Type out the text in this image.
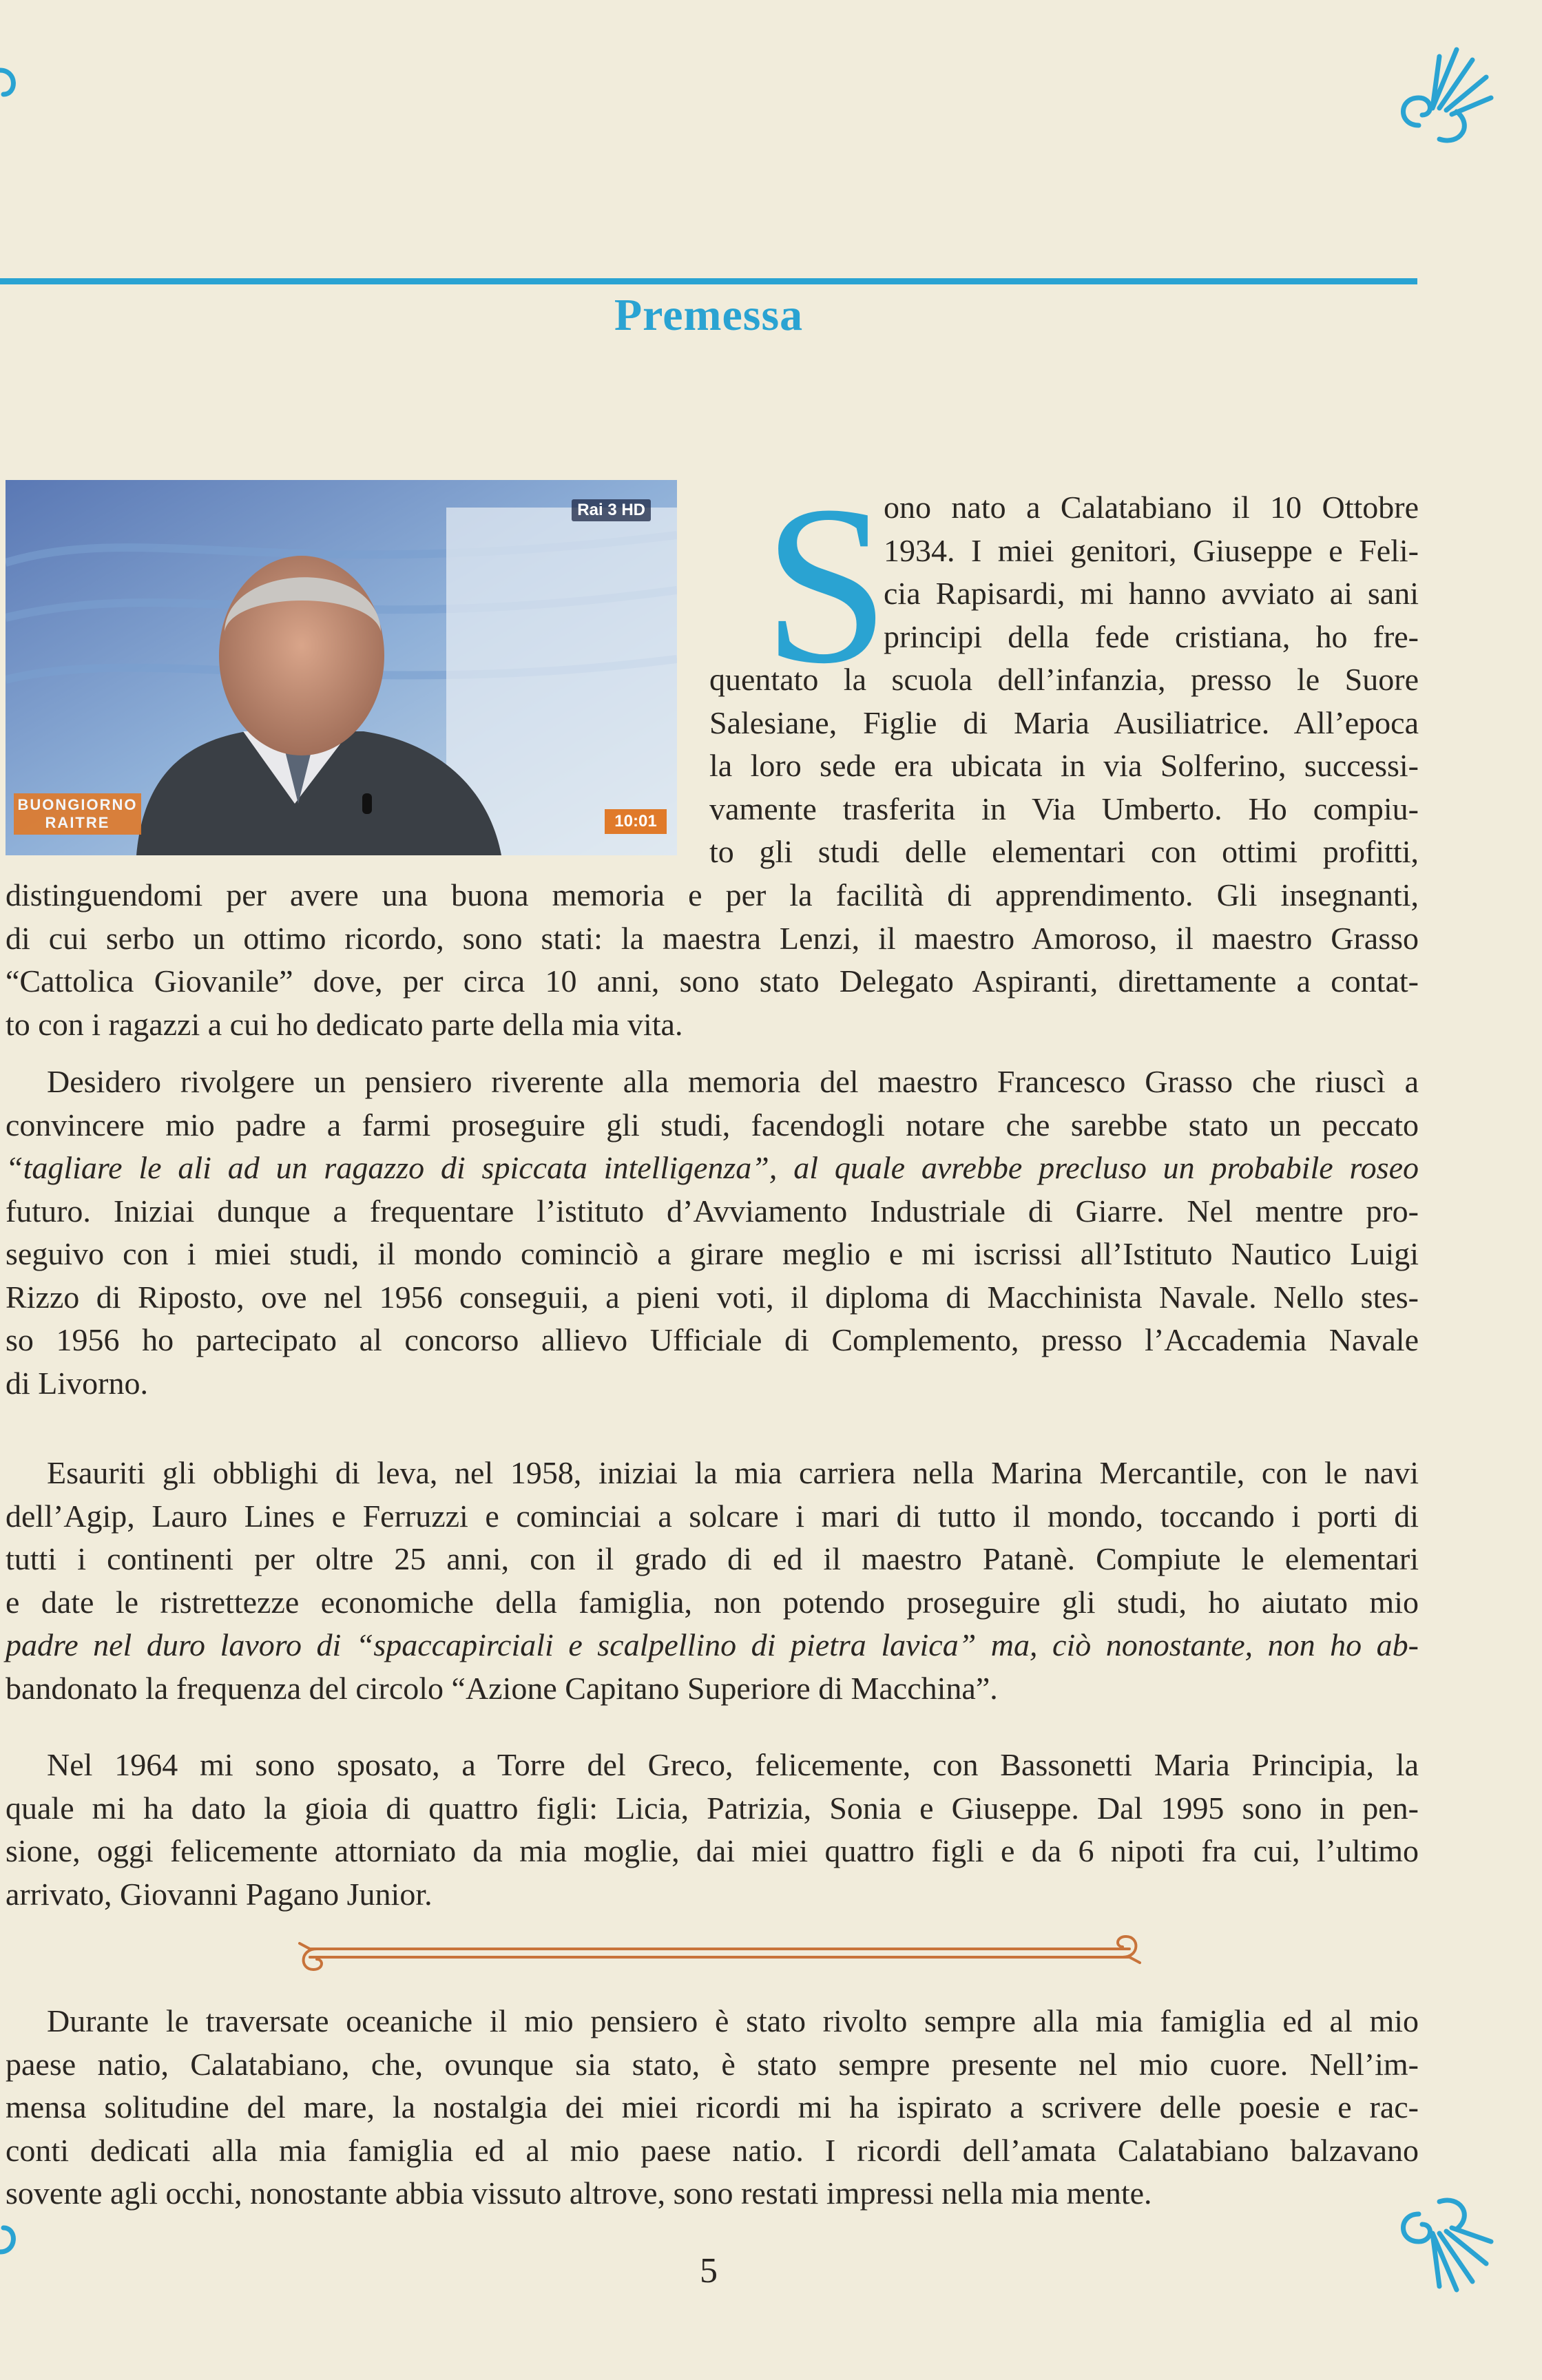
Premessa
Rai 3 HD
BUONGIORNO
RAITRE	10:01
S
ono nato a Calatabiano il 10 Ottobre
1934. I miei genitori, Giuseppe e Feli-
cia Rapisardi, mi hanno avviato ai sani
principi della fede cristiana, ho fre-
quentato la scuola dell’infanzia, presso le Suore
Salesiane, Figlie di Maria Ausiliatrice. All’epoca
la loro sede era ubicata in via Solferino, successi-
vamente trasferita in Via Umberto. Ho compiu-
to gli studi delle elementari con ottimi profitti,
distinguendomi per avere una buona memoria e per la facilità di apprendimento. Gli insegnanti,
di cui serbo un ottimo ricordo, sono stati: la maestra Lenzi, il maestro Amoroso, il maestro Grasso
“Cattolica Giovanile” dove, per circa 10 anni, sono stato Delegato Aspiranti, direttamente a contat-
to con i ragazzi a cui ho dedicato parte della mia vita.
Desidero rivolgere un pensiero riverente alla memoria del maestro Francesco Grasso che riuscì a
convincere mio padre a farmi proseguire gli studi, facendogli notare che sarebbe stato un peccato
“tagliare le ali ad un ragazzo di spiccata intelligenza”, al quale avrebbe precluso un probabile roseo
futuro. Iniziai dunque a frequentare l’istituto d’Avviamento Industriale di Giarre. Nel mentre pro-
seguivo con i miei studi, il mondo cominciò a girare meglio e mi iscrissi all’Istituto Nautico Luigi
Rizzo di Riposto, ove nel 1956 conseguii, a pieni voti, il diploma di Macchinista Navale. Nello stes-
so 1956 ho partecipato al concorso allievo Ufficiale di Complemento, presso l’Accademia Navale
di Livorno.
Esauriti gli obblighi di leva, nel 1958, iniziai la mia carriera nella Marina Mercantile, con le navi
dell’Agip, Lauro Lines e Ferruzzi e cominciai a solcare i mari di tutto il mondo, toccando i porti di
tutti i continenti per oltre 25 anni, con il grado di ed il maestro Patanè. Compiute le elementari
e date le ristrettezze economiche della famiglia, non potendo proseguire gli studi, ho aiutato mio
padre nel duro lavoro di “spaccapirciali e scalpellino di pietra lavica” ma, ciò nonostante, non ho ab-
bandonato la frequenza del circolo “Azione Capitano Superiore di Macchina”.
Nel 1964 mi sono sposato, a Torre del Greco, felicemente, con Bassonetti Maria Principia, la
quale mi ha dato la gioia di quattro figli: Licia, Patrizia, Sonia e Giuseppe. Dal 1995 sono in pen-
sione, oggi felicemente attorniato da mia moglie, dai miei quattro figli e da 6 nipoti fra cui, l’ultimo
arrivato, Giovanni Pagano Junior.
Durante le traversate oceaniche il mio pensiero è stato rivolto sempre alla mia famiglia ed al mio
paese natio, Calatabiano, che, ovunque sia stato, è stato sempre presente nel mio cuore. Nell’im-
mensa solitudine del mare, la nostalgia dei miei ricordi mi ha ispirato a scrivere delle poesie e rac-
conti dedicati alla mia famiglia ed al mio paese natio. I ricordi dell’amata Calatabiano balzavano
sovente agli occhi, nonostante abbia vissuto altrove, sono restati impressi nella mia mente.
5
